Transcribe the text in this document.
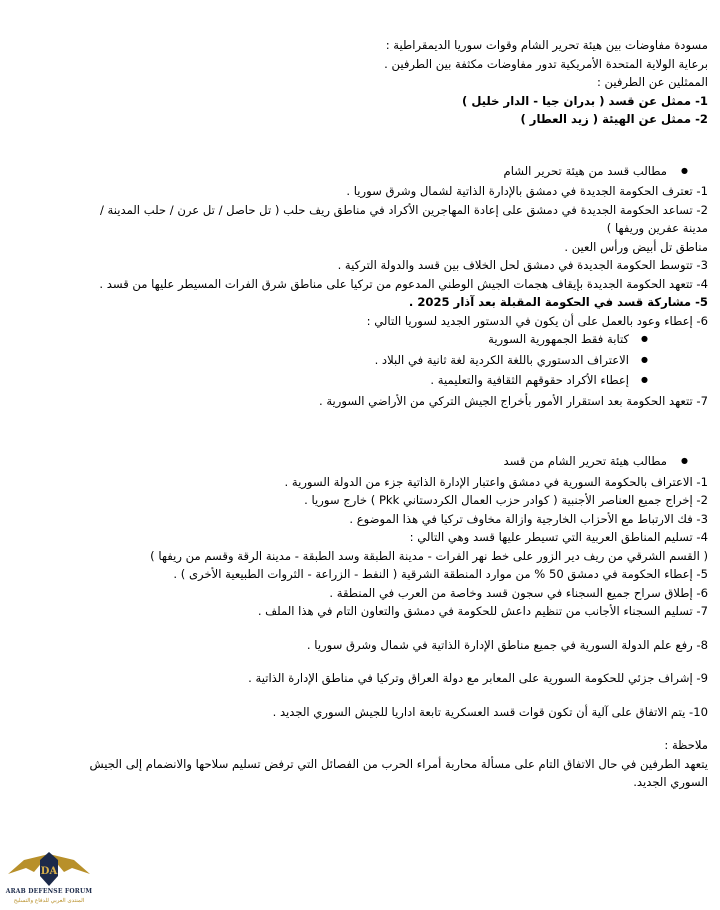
مسودة مفاوضات بين هيئة تحرير الشام وقوات سوريا الديمقراطية :
برعاية الولاية المتحدة الأمريكية تدور مفاوضات مكثفة بين الطرفين .
الممثلين عن الطرفين :
1- ممثل عن قسد ( بدران جيا - الدار خليل )
2- ممثل عن الهيئة ( زيد العطار )
● مطالب قسد من هيئة تحرير الشام
1- تعترف الحكومة الجديدة في دمشق بالإدارة الذاتية لشمال وشرق سوريا .
2- تساعد الحكومة الجديدة في دمشق على إعادة المهاجرين الأكراد في مناطق ريف حلب ( تل حاصل / تل عرن / حلب المدينة /
مدينة عفرين وريفها )
مناطق تل أبيض ورأس العين .
3- تتوسط الحكومة الجديدة في دمشق لحل الخلاف بين قسد والدولة التركية .
4- تتعهد الحكومة الجديدة بإيقاف هجمات الجيش الوطني المدعوم من تركيا على مناطق شرق الفرات المسيطر عليها من قسد .
5- مشاركة قسد في الحكومة المقبلة بعد آذار 2025 .
6- إعطاء وعود بالعمل على أن يكون في الدستور الجديد لسوريا التالي :
● كتابة فقط الجمهورية السورية
● الاعتراف الدستوري باللغة الكردية لغة ثانية في البلاد .
● إعطاء الأكراد حقوقهم الثقافية والتعليمية .
7- تتعهد الحكومة بعد استقرار الأمور بأخراج الجيش التركي من الأراضي السورية .
● مطالب هيئة تحرير الشام من قسد
1- الاعتراف بالحكومة السورية في دمشق واعتبار الإدارة الذاتية جزء من الدولة السورية .
2- إخراج جميع العناصر الأجنبية ( كوادر حزب العمال الكردستاني Pkk ) خارج سوريا .
3- فك الارتباط مع الأحزاب الخارجية وازالة مخاوف تركيا في هذا الموضوع .
4- تسليم المناطق العربية التي تسيطر عليها قسد وهي التالي :
( القسم الشرقي من ريف دير الزور على خط نهر الفرات - مدينة الطبقة وسد الطبقة - مدينة الرقة وقسم من ريفها )
5- إعطاء الحكومة في دمشق 50 % من موارد المنطقة الشرقية ( النفط - الزراعة - الثروات الطبيعية الأخرى ) .
6- إطلاق سراح جميع السجناء في سجون قسد وخاصة من العرب في المنطقة .
7- تسليم السجناء الأجانب من تنظيم داعش للحكومة في دمشق والتعاون التام في هذا الملف .
8- رفع علم الدولة السورية في جميع مناطق الإدارة الذاتية في شمال وشرق سوريا .
9- إشراف جزئي للحكومة السورية على المعابر مع دولة العراق وتركيا في مناطق الإدارة الذاتية .
10- يتم الاتفاق على آلية أن تكون قوات قسد العسكرية تابعة اداريا للجيش السوري الجديد .
ملاحظة :
يتعهد الطرفين في حال الاتفاق التام على مسألة محاربة أمراء الحرب من الفصائل التي ترفض تسليم سلاحها والانضمام إلى الجيش
السوري الجديد.
DA
ARAB DEFENSE FORUM
المنتدى العربي للدفاع والتسليح
